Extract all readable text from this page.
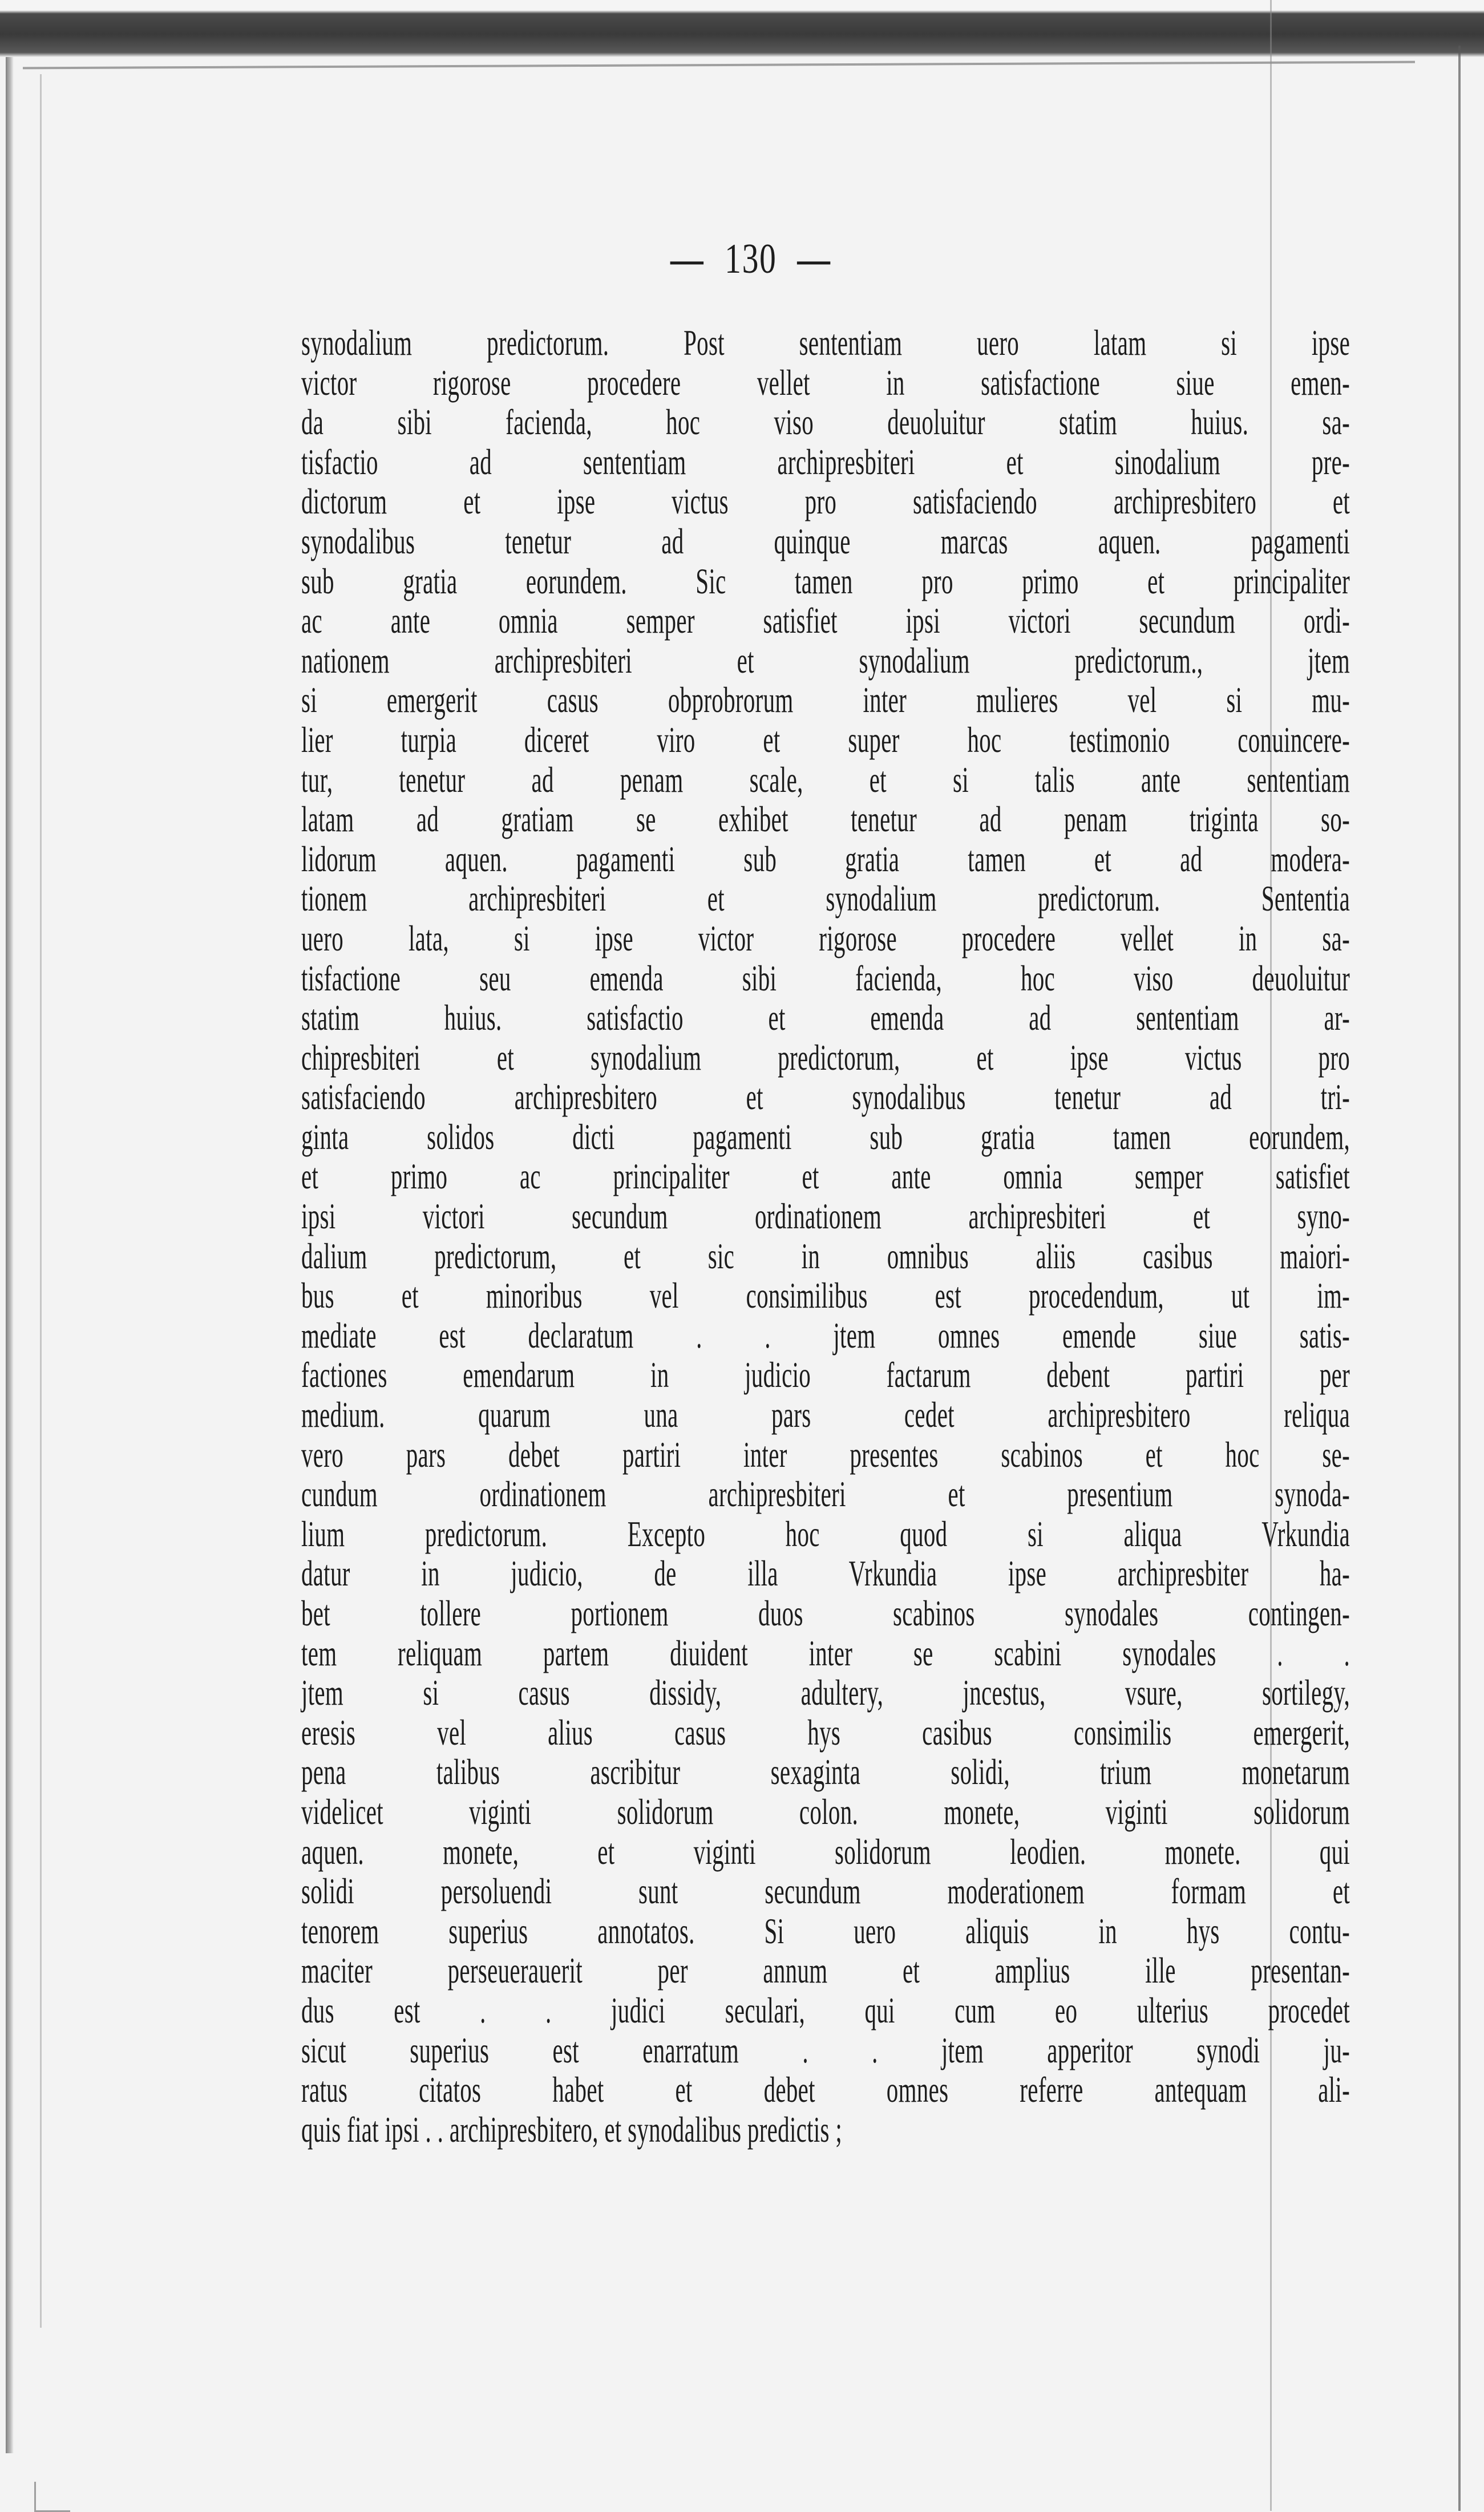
— 130 —
synodalium predictorum. Post sententiam uero latam si ipse
victor rigorose procedere vellet in satisfactione siue emen-
da sibi facienda, hoc viso deuoluitur statim huius. sa-
tisfactio ad sententiam archipresbiteri et sinodalium pre-
dictorum et ipse victus pro satisfaciendo archipresbitero et
synodalibus tenetur ad quinque marcas aquen. pagamenti
sub gratia eorundem. Sic tamen pro primo et principaliter
ac ante omnia semper satisfiet ipsi victori secundum ordi-
nationem archipresbiteri et synodalium predictorum., jtem
si emergerit casus obprobrorum inter mulieres vel si mu-
lier turpia diceret viro et super hoc testimonio conuincere-
tur, tenetur ad penam scale, et si talis ante sententiam
latam ad gratiam se exhibet tenetur ad penam triginta so-
lidorum aquen. pagamenti sub gratia tamen et ad modera-
tionem archipresbiteri et synodalium predictorum. Sententia
uero lata, si ipse victor rigorose procedere vellet in sa-
tisfactione seu emenda sibi facienda, hoc viso deuoluitur
statim huius. satisfactio et emenda ad sententiam ar-
chipresbiteri et synodalium predictorum, et ipse victus pro
satisfaciendo archipresbitero et synodalibus tenetur ad tri-
ginta solidos dicti pagamenti sub gratia tamen eorundem,
et primo ac principaliter et ante omnia semper satisfiet
ipsi victori secundum ordinationem archipresbiteri et syno-
dalium predictorum, et sic in omnibus aliis casibus maiori-
bus et minoribus vel consimilibus est procedendum, ut im-
mediate est declaratum . . jtem omnes emende siue satis-
factiones emendarum in judicio factarum debent partiri per
medium. quarum una pars cedet archipresbitero reliqua
vero pars debet partiri inter presentes scabinos et hoc se-
cundum ordinationem archipresbiteri et presentium synoda-
lium predictorum. Excepto hoc quod si aliqua Vrkundia
datur in judicio, de illa Vrkundia ipse archipresbiter ha-
bet tollere portionem duos scabinos synodales contingen-
tem reliquam partem diuident inter se scabini synodales . .
jtem si casus dissidy, adultery, jncestus, vsure, sortilegy,
eresis vel alius casus hys casibus consimilis emergerit,
pena talibus ascribitur sexaginta solidi, trium monetarum
videlicet viginti solidorum colon. monete, viginti solidorum
aquen. monete, et viginti solidorum leodien. monete. qui
solidi persoluendi sunt secundum moderationem formam et
tenorem superius annotatos. Si uero aliquis in hys contu-
maciter perseuerauerit per annum et amplius ille presentan-
dus est . . judici seculari, qui cum eo ulterius procedet
sicut superius est enarratum . . jtem apperitor synodi ju-
ratus citatos habet et debet omnes referre antequam ali-
quis fiat ipsi . . archipresbitero, et synodalibus predictis ;
